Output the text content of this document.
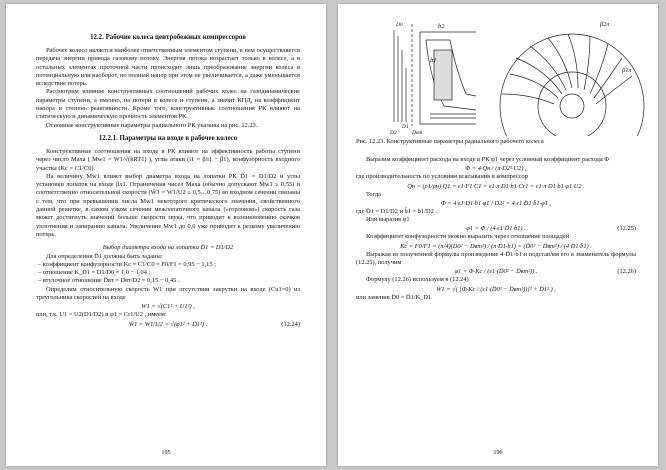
12.2. Рабочие колеса центробежных компрессоров
Рабочее колесо является наиболее ответственным элементом ступени, в нем осуществляется передача энергии привода газовому потоку. Энергия потока возрастает только в колесе, а в остальных элементах проточной части происходит лишь преобразование энергии колеса в потенциальную или наоборот, но полный напор при этом не увеличивается, а даже уменьшается вследствие потерь.
Рассмотрим влияние конструктивных соотношений рабочих колес на газодинамические параметры ступени, а именно, на потери в колесе и ступени, а значит КПД, на коэффициент напора и степень реактивности. Кроме того, конструктивные соотношения РК влияют на статическую и динамическую прочность элементов РК.
Основные конструктивные параметры радиального РК указаны на рис. 12.23.
12.2.1. Параметры на входе в рабочее колесо
Конструктивные соотношения на входе в РК влияют на эффективность работы ступени через число Маха ( Mw1 = W1/√(kRT1) ), углы атаки (i1 = βл1 − β1), конфузорность входного участка (Kc = C1/C0).
На величину Mw1 влияет выбор диаметра входа на лопатки РК D̄1 = D1/D2 и углы установки лопаток на входе βл1. Ограничения чисел Маха (обычно допускают Mw1 ≤ 0,55) и соответственно относительной скорости (W̄1 = W1/U2 ≤ 0,5…0,75) во входном сечении связаны с тем, что при превышении числа Mw1 некоторого критического значения, свойственного данной решетке, в самом узком сечении межлопаточного канала («горловом») скорость газа может достигнуть значений больше скорости звука, что приводит к возникновению скачков уплотнения и запиранию канала. Увеличение Mw1 до 0,6 уже приводит к резкому увеличению потерь.
Выбор диаметра входа на лопатки D̄1 = D1/D2
Для определения D̄1 должны быть заданы:
– коэффициент конфузорности Kc = C1/C0 = F0/F1 = 0,95 − 1,15 ;
– отношение K_D1 = D1/D0 = 1,0 − 1,04 ;
– втулочное отношение D̄вт = Dвт/D2 = 0,15 − 0,45 .
Определим относительную скорость W1 при отсутствии закрутки на входе (Cu1=0) из треугольника скоростей на входе
W1 = √(C1² + U1²) ,
или, т.к. U1 = U2(D1/D2) и φ1 = Cr1/U2 , имеем:
W̄1 = W1/U2 = √(φ1² + D̄1²) .	(12.24)
195
β2л
β1л
b2
b1
D1
D2	Dвт
D0
Рис. 12.23. Конструктивные параметры радиального рабочего колеса
Выразим коэффициент расхода на входе в РК φ1 через условный коэффициент расхода Φ
Φ = 4·Qн / (π·D2²·U2) ,
где производительность по условиям всасывания в компрессор
Qн = (ρ1/ρн)·Q1 = ε1·F1·C1 = ε1·π·D1·b1·Cr1 = ε1·π·D1·b1·φ1·U2 .
Тогда
Φ = 4·ε1·D1·b1·φ1 / D2² = 4·ε1·D̄1·b̄1·φ1 ,
где D̄1 = D1/D2 и b̄1 = b1/D2 .
Или выразив φ1
φ1 = Φ / (4·ε1·D̄1·b̄1) .	(12.25)
Коэффициент конфузорности можно выразить через отношение площадей
Kc = F0/F1 = (π/4)(D0² − Dвт²) / (π·D1·b1) = (D̄0² − D̄вт²) / (4·D̄1·b̄1) .
Выражая из полученной формулы произведение 4·D̄1·b̄1 и подставляя его в знаменатель формулы (12.25), получим
φ1 = Φ·Kc / (ε1·(D̄0² − D̄вт²)) .	(12.26)
Формулу (12.26) используем в (12.24)
W̄1 = √( [Φ·Kc / (ε1·(D̄0² − D̄вт²))]² + D̄1² ) ,
или заменив D̄0 = D̄1/K_D1
196
